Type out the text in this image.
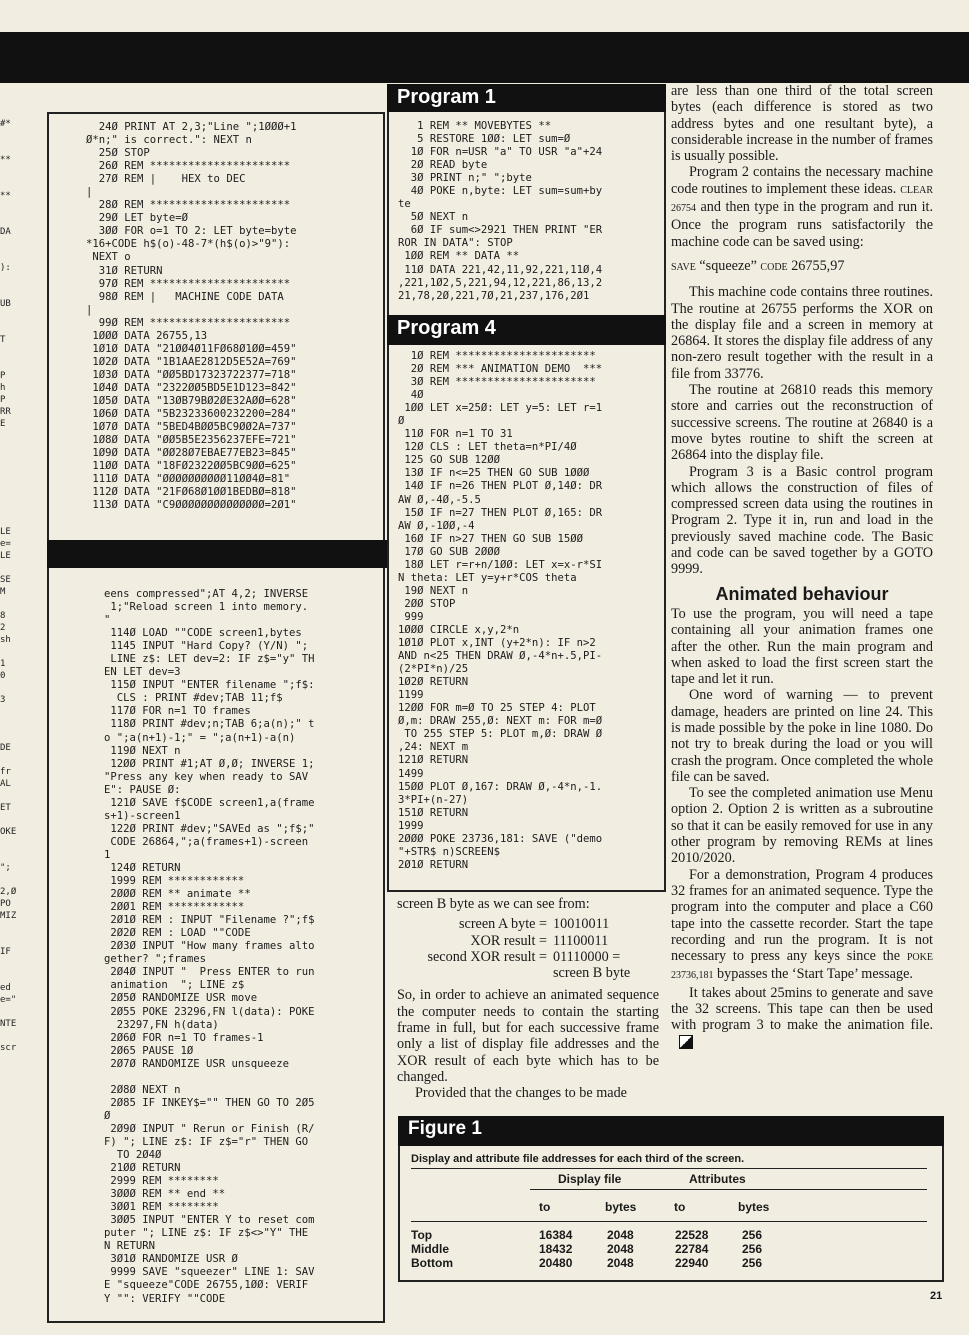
#*

**

**

DA

):

UB

T

P
h
P
RR
E

LE
e=
LE

SE
M

8
2
sh

1
0

3

DE

fr
AL

ET

OKE

";

2,Ø
PO
MIZ

IF

ed
e="

NTE

scr
24Ø PRINT AT 2,3;"Line ";1ØØØ+1
Ø*n;" is correct.": NEXT n
25Ø STOP
26Ø REM **********************
27Ø REM |    HEX to DEC
|
28Ø REM **********************
29Ø LET byte=Ø
3ØØ FOR o=1 TO 2: LET byte=byte
*16+CODE h$(o)-48-7*(h$(o)>"9"):
NEXT o
31Ø RETURN
97Ø REM **********************
98Ø REM |   MACHINE CODE DATA
|
99Ø REM **********************
1ØØØ DATA 26755,13
1Ø1Ø DATA "21ØØ4Ø11FØ68Ø1ØØ=459"
1Ø2Ø DATA "1B1AAE2812D5E52A=769"
1Ø3Ø DATA "ØØ5BD17323722377=718"
1Ø4Ø DATA "2322ØØ5BD5E1D123=842"
1Ø5Ø DATA "13ØB79BØ2ØE32AØØ=628"
1Ø6Ø DATA "5B23233600232200=284"
1Ø7Ø DATA "5BED4BØØ5BC9ØØ2A=737"
1Ø8Ø DATA "ØØ5B5E2356237EFE=721"
1Ø9Ø DATA "ØØ28Ø7EBAE77EB23=845"
11ØØ DATA "18FØ2322ØØ5BC9ØØ=625"
111Ø DATA "ØØØØØØØØØØ11ØØ4Ø=81"
112Ø DATA "21FØ68Ø1ØØ1BEDBØ=818"
113Ø DATA "C9ØØØØØØØØØØØØØØ=2Ø1"
eens compressed";AT 4,2; INVERSE
1;"Reload screen 1 into memory.
"
114Ø LOAD ""CODE screen1,bytes
1145 INPUT "Hard Copy? (Y/N) ";
LINE z$: LET dev=2: IF z$="y" TH
EN LET dev=3
115Ø INPUT "ENTER filename ";f$:
CLS : PRINT #dev;TAB 11;f$
117Ø FOR n=1 TO frames
118Ø PRINT #dev;n;TAB 6;a(n);" t
o ";a(n+1)-1;" = ";a(n+1)-a(n)
119Ø NEXT n
12ØØ PRINT #1;AT Ø,Ø; INVERSE 1;
"Press any key when ready to SAV
E": PAUSE Ø:
121Ø SAVE f$CODE screen1,a(frame
s+1)-screen1
122Ø PRINT #dev;"SAVEd as ";f$;"
CODE 26864,";a(frames+1)-screen
1
124Ø RETURN
1999 REM ************
2ØØØ REM ** animate **
2ØØ1 REM ************
2Ø1Ø REM : INPUT "Filename ?";f$
2Ø2Ø REM : LOAD ""CODE
2Ø3Ø INPUT "How many frames alto
gether? ";frames
2Ø4Ø INPUT "  Press ENTER to run
animation  "; LINE z$
2Ø5Ø RANDOMIZE USR move
2Ø55 POKE 23296,FN l(data): POKE
23297,FN h(data)
2Ø6Ø FOR n=1 TO frames-1
2Ø65 PAUSE 1Ø
2Ø7Ø RANDOMIZE USR unsqueeze

2Ø8Ø NEXT n
2Ø85 IF INKEY$="" THEN GO TO 2Ø5
Ø
2Ø9Ø INPUT " Rerun or Finish (R/
F) "; LINE z$: IF z$="r" THEN GO
TO 2Ø4Ø
21ØØ RETURN
2999 REM ********
3ØØØ REM ** end **
3ØØ1 REM ********
3ØØ5 INPUT "ENTER Y to reset com
puter "; LINE z$: IF z$<>"Y" THE
N RETURN
3Ø1Ø RANDOMIZE USR Ø
9999 SAVE "squeezer" LINE 1: SAV
E "squeeze"CODE 26755,1ØØ: VERIF
Y "": VERIFY ""CODE
Program 1
1 REM ** MOVEBYTES **
5 RESTORE 1ØØ: LET sum=Ø
1Ø FOR n=USR "a" TO USR "a"+24
2Ø READ byte
3Ø PRINT n;" ";byte
4Ø POKE n,byte: LET sum=sum+by
te
5Ø NEXT n
6Ø IF sum<>2921 THEN PRINT "ER
ROR IN DATA": STOP
1ØØ REM ** DATA **
11Ø DATA 221,42,11,92,221,11Ø,4
,221,1Ø2,5,221,94,12,221,86,13,2
21,78,2Ø,221,7Ø,21,237,176,2Ø1
Program 4
1Ø REM **********************
2Ø REM *** ANIMATION DEMO  ***
3Ø REM **********************
4Ø
1ØØ LET x=25Ø: LET y=5: LET r=1
Ø
11Ø FOR n=1 TO 31
12Ø CLS : LET theta=n*PI/4Ø
125 GO SUB 12ØØ
13Ø IF n<=25 THEN GO SUB 1ØØØ
14Ø IF n=26 THEN PLOT Ø,14Ø: DR
AW Ø,-4Ø,-5.5
15Ø IF n=27 THEN PLOT Ø,165: DR
AW Ø,-1ØØ,-4
16Ø IF n>27 THEN GO SUB 15ØØ
17Ø GO SUB 2ØØØ
18Ø LET r=r+n/1ØØ: LET x=x-r*SI
N theta: LET y=y+r*COS theta
19Ø NEXT n
2ØØ STOP
999
1ØØØ CIRCLE x,y,2*n
1Ø1Ø PLOT x,INT (y+2*n): IF n>2
AND n<25 THEN DRAW Ø,-4*n+.5,PI-
(2*PI*n)/25
1Ø2Ø RETURN
1199
12ØØ FOR m=Ø TO 25 STEP 4: PLOT
Ø,m: DRAW 255,Ø: NEXT m: FOR m=Ø
TO 255 STEP 5: PLOT m,Ø: DRAW Ø
,24: NEXT m
121Ø RETURN
1499
15ØØ PLOT Ø,167: DRAW Ø,-4*n,-1.
3*PI+(n-27)
151Ø RETURN
1999
2ØØØ POKE 23736,181: SAVE ("demo
"+STR$ n)SCREEN$
2Ø1Ø RETURN

screen B byte as we can see from:

screen A byte = 10010011
XOR result = 11100011
second XOR result = 01110000 =
screen B byte

So, in order to achieve an animated sequence the computer needs to contain the starting frame in full, but for each successive frame only a list of display file addresses and the XOR result of each byte which has to be changed.

Provided that the changes to be made

are less than one third of the total screen bytes (each difference is stored as two address bytes and one resultant byte), a considerable increase in the number of frames is usually possible.

Program 2 contains the necessary machine code routines to implement these ideas. CLEAR 26754 and then type in the program and run it. Once the program runs satisfactorily the machine code can be saved using:

SAVE “squeeze” CODE 26755,97

This machine code contains three routines. The routine at 26755 performs the XOR on the display file and a screen in memory at 26864. It stores the display file address of any non-zero result together with the result in a file from 33776.

The routine at 26810 reads this memory store and carries out the reconstruction of successive screens. The routine at 26840 is a move bytes routine to shift the screen at 26864 into the display file.

Program 3 is a Basic control program which allows the construction of files of compressed screen data using the routines in Program 2. Type it in, run and load in the previously saved machine code. The Basic and code can be saved together by a GOTO 9999.

Animated behaviour

To use the program, you will need a tape containing all your animation frames one after the other. Run the main program and when asked to load the first screen start the tape and let it run.

One word of warning — to prevent damage, headers are printed on line 24. This is made possible by the poke in line 1080. Do not try to break during the load or you will crash the program. Once completed the whole file can be saved.

To see the completed animation use Menu option 2. Option 2 is written as a subroutine so that it can be easily removed for use in any other program by removing REMs at lines 2010/2020.

For a demonstration, Program 4 produces 32 frames for an animated sequence. Type the program into the computer and place a C60 tape into the cassette recorder. Start the tape recording and run the program. It is not necessary to press any keys since the POKE 23736,181 bypasses the ‘Start Tape’ message.

It takes about 25mins to generate and save the 32 screens. This tape can then be used with program 3 to make the animation file.

Figure 1
Display and attribute file addresses for each third of the screen.
Display file	Attributes
to	bytes	to	bytes
Top	16384	2048	22528	256
Middle	18432	2048	22784	256
Bottom	20480	2048	22940	256
21
